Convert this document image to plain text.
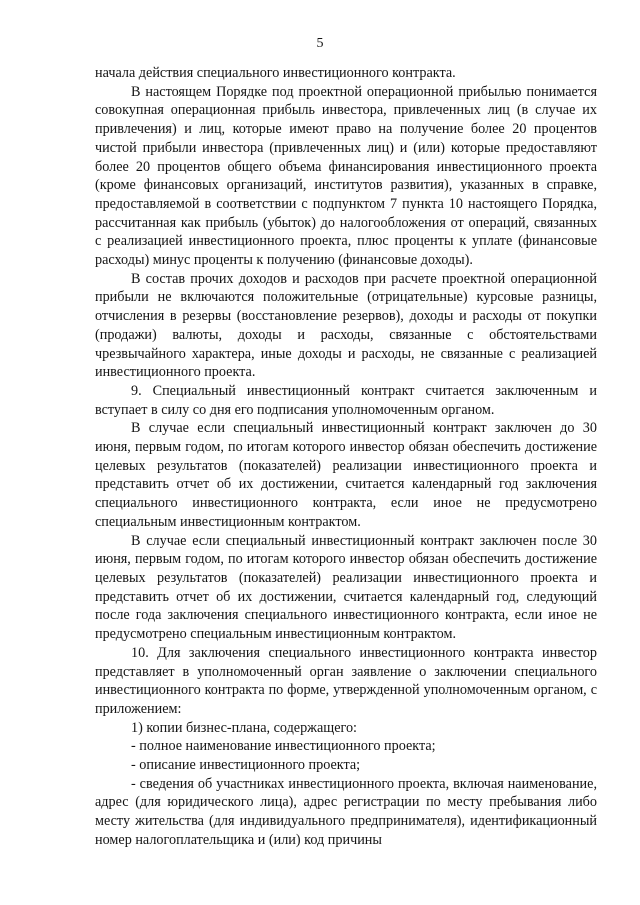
5

начала действия специального инвестиционного контракта.

В настоящем Порядке под проектной операционной прибылью понимается совокупная операционная прибыль инвестора, привлеченных лиц (в случае их привлечения) и лиц, которые имеют право на получение более 20 процентов чистой прибыли инвестора (привлеченных лиц) и (или) которые предоставляют более 20 процентов общего объема финансирования инвестиционного проекта (кроме финансовых организаций, институтов развития), указанных в справке, предоставляемой в соответствии с подпунктом 7 пункта 10 настоящего Порядка, рассчитанная как прибыль (убыток) до налогообложения от операций, связанных с реализацией инвестиционного проекта, плюс проценты к уплате (финансовые расходы) минус проценты к получению (финансовые доходы).

В состав прочих доходов и расходов при расчете проектной операционной прибыли не включаются положительные (отрицательные) курсовые разницы, отчисления в резервы (восстановление резервов), доходы и расходы от покупки (продажи) валюты, доходы и расходы, связанные с обстоятельствами чрезвычайного характера, иные доходы и расходы, не связанные с реализацией инвестиционного проекта.

9. Специальный инвестиционный контракт считается заключенным и вступает в силу со дня его подписания уполномоченным органом.

В случае если специальный инвестиционный контракт заключен до 30 июня, первым годом, по итогам которого инвестор обязан обеспечить достижение целевых результатов (показателей) реализации инвестиционного проекта и представить отчет об их достижении, считается календарный год заключения специального инвестиционного контракта, если иное не предусмотрено специальным инвестиционным контрактом.

В случае если специальный инвестиционный контракт заключен после 30 июня, первым годом, по итогам которого инвестор обязан обеспечить достижение целевых результатов (показателей) реализации инвестиционного проекта и представить отчет об их достижении, считается календарный год, следующий после года заключения специального инвестиционного контракта, если иное не предусмотрено специальным инвестиционным контрактом.

10. Для заключения специального инвестиционного контракта инвестор представляет в уполномоченный орган заявление о заключении специального инвестиционного контракта по форме, утвержденной уполномоченным органом, с приложением:

1) копии бизнес-плана, содержащего:

- полное наименование инвестиционного проекта;

- описание инвестиционного проекта;

- сведения об участниках инвестиционного проекта, включая наименование, адрес (для юридического лица), адрес регистрации по месту пребывания либо месту жительства (для индивидуального предпринимателя), идентификационный номер налогоплательщика и (или) код причины
